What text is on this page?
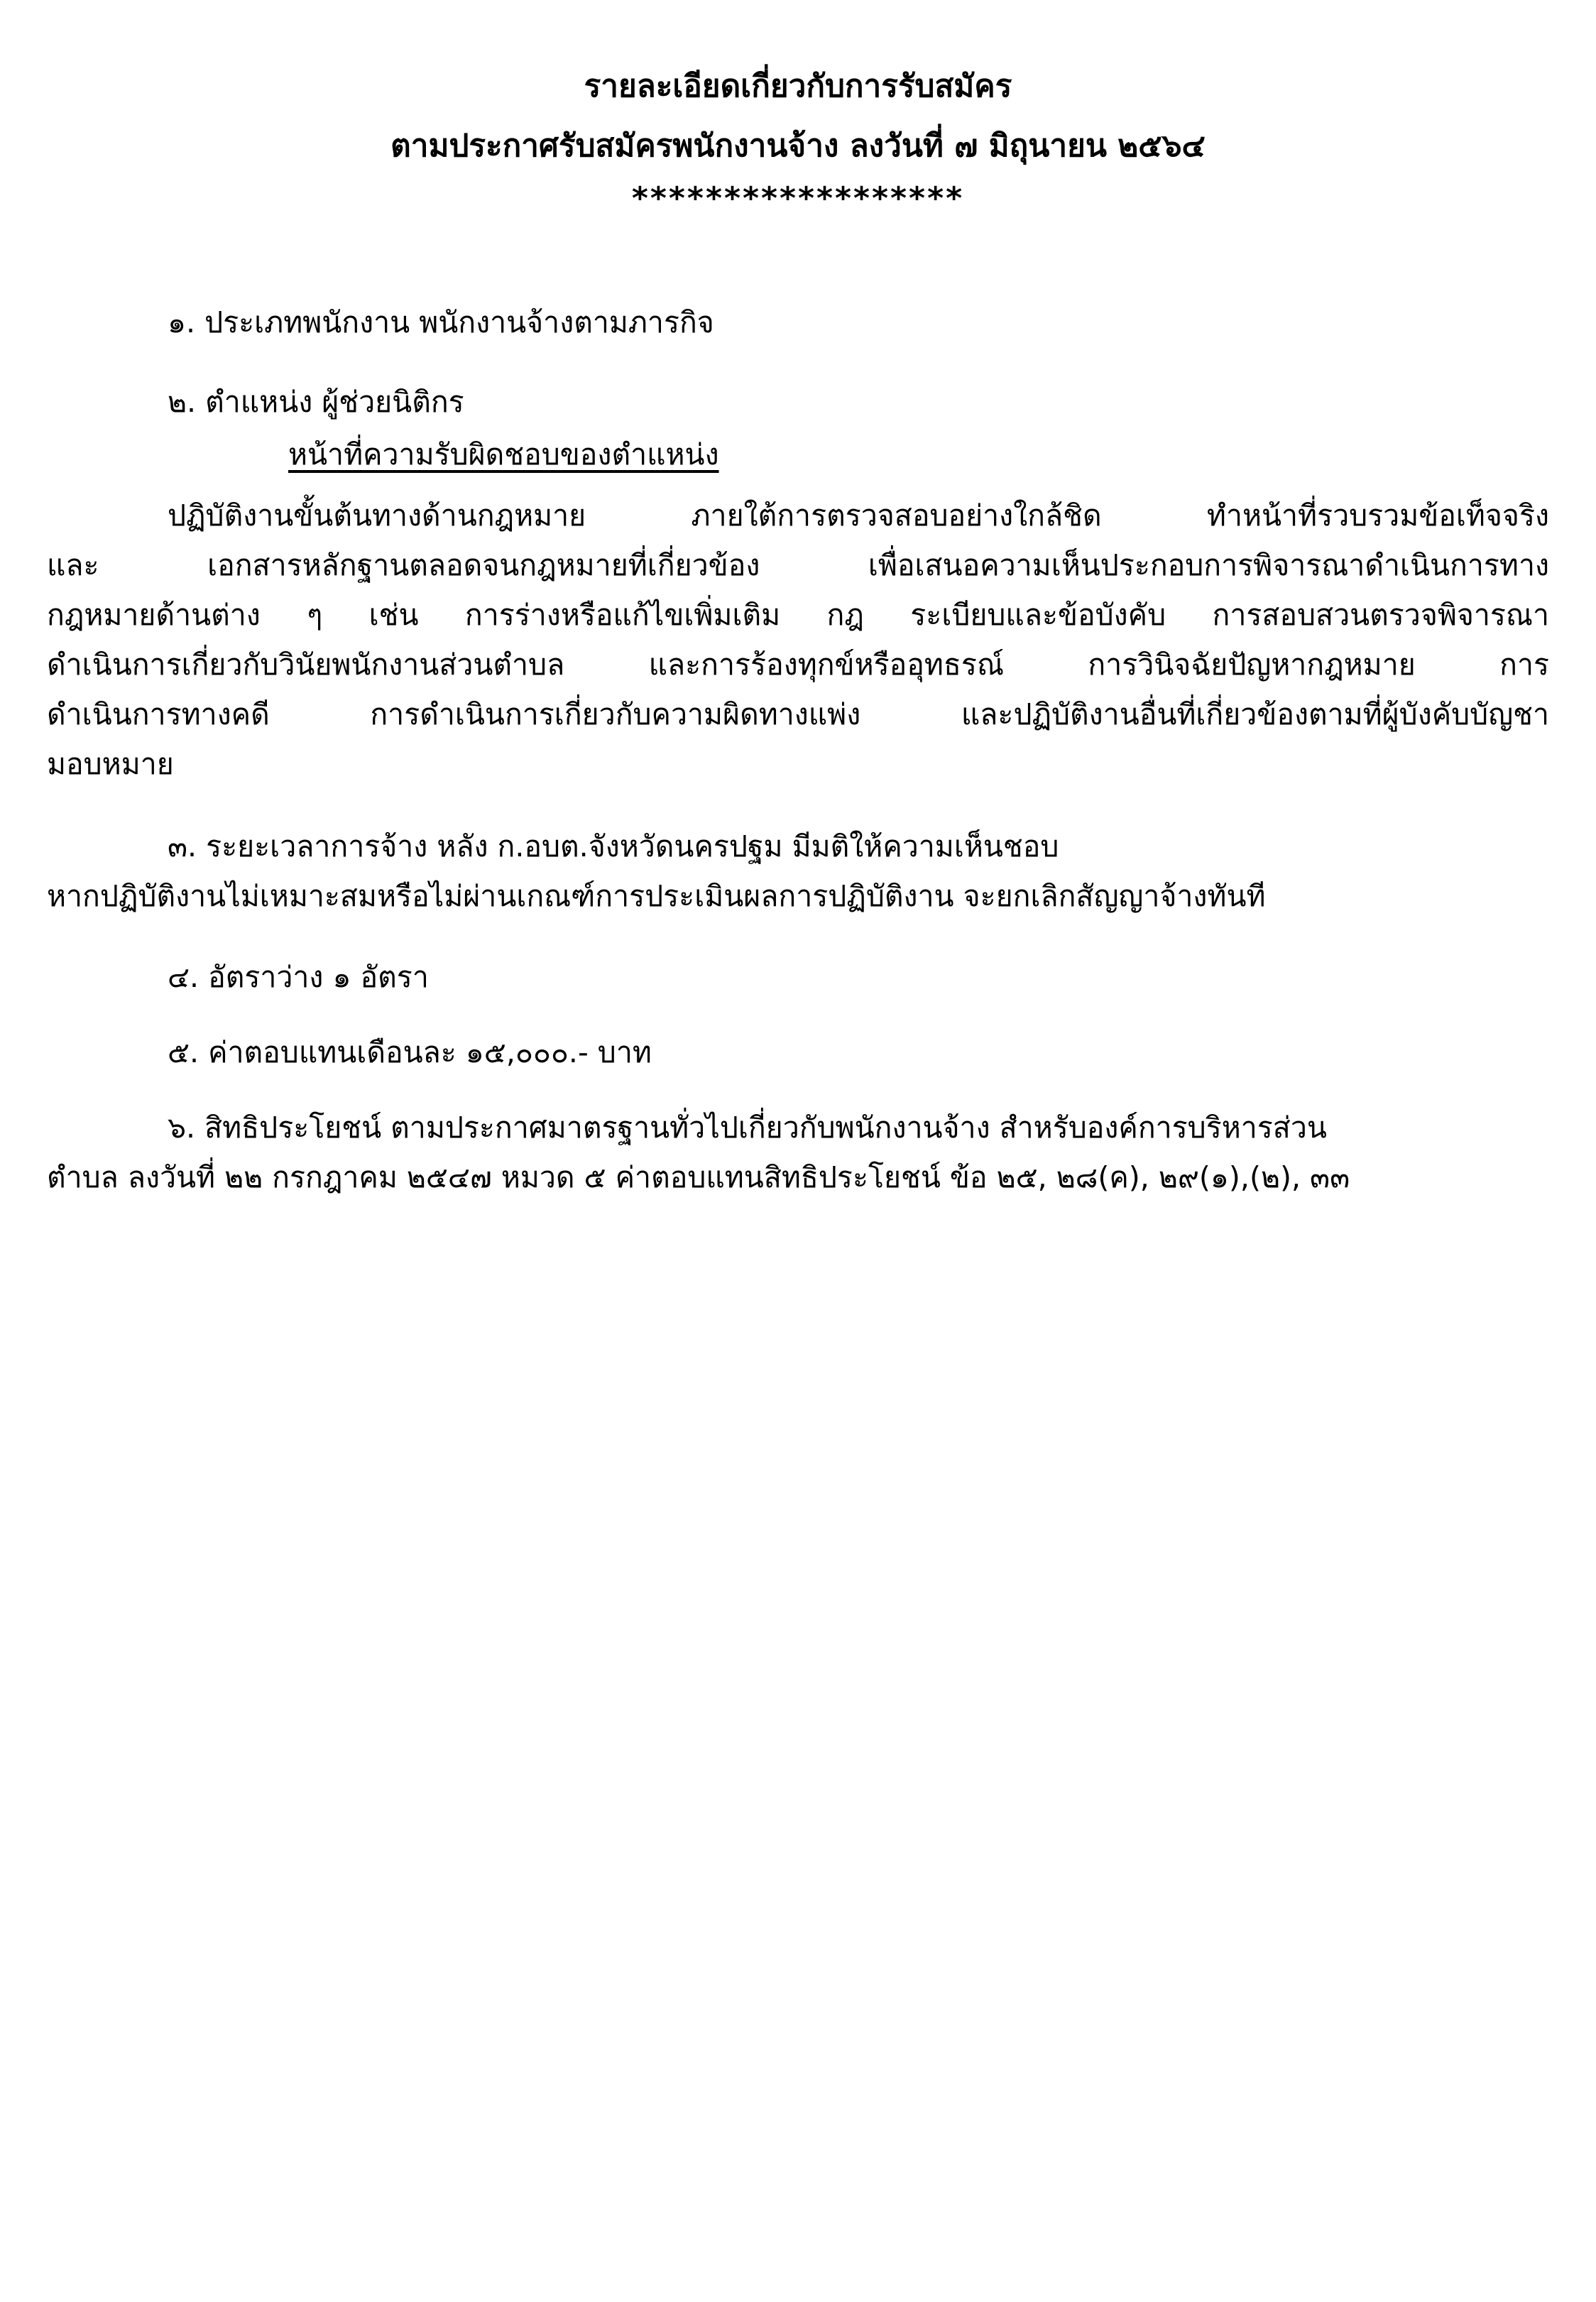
รายละเอียดเกี่ยวกับการรับสมัคร
ตามประกาศรับสมัครพนักงานจ้าง ลงวันที่ ๗ มิถุนายน ๒๕๖๔
******************
๑. ประเภทพนักงาน พนักงานจ้างตามภารกิจ
๒. ตำแหน่ง ผู้ช่วยนิติกร
หน้าที่ความรับผิดชอบของตำแหน่ง
ปฏิบัติงานขั้นต้นทางด้านกฎหมาย ภายใต้การตรวจสอบอย่างใกล้ชิด ทำหน้าที่รวบรวมข้อเท็จจริง
และ เอกสารหลักฐานตลอดจนกฎหมายที่เกี่ยวข้อง เพื่อเสนอความเห็นประกอบการพิจารณาดำเนินการทาง
กฎหมายด้านต่าง ๆ เช่น การร่างหรือแก้ไขเพิ่มเติม กฎ ระเบียบและข้อบังคับ การสอบสวนตรวจพิจารณา
ดำเนินการเกี่ยวกับวินัยพนักงานส่วนตำบล และการร้องทุกข์หรืออุทธรณ์ การวินิจฉัยปัญหากฎหมาย การ
ดำเนินการทางคดี การดำเนินการเกี่ยวกับความผิดทางแพ่ง และปฏิบัติงานอื่นที่เกี่ยวข้องตามที่ผู้บังคับบัญชา
มอบหมาย
๓. ระยะเวลาการจ้าง หลัง ก.อบต.จังหวัดนครปฐม มีมติให้ความเห็นชอบ
หากปฏิบัติงานไม่เหมาะสมหรือไม่ผ่านเกณฑ์การประเมินผลการปฏิบัติงาน จะยกเลิกสัญญาจ้างทันที
๔. อัตราว่าง ๑ อัตรา
๕. ค่าตอบแทนเดือนละ ๑๕,๐๐๐.- บาท
๖. สิทธิประโยชน์ ตามประกาศมาตรฐานทั่วไปเกี่ยวกับพนักงานจ้าง สำหรับองค์การบริหารส่วน
ตำบล ลงวันที่ ๒๒ กรกฎาคม ๒๕๔๗ หมวด ๕ ค่าตอบแทนสิทธิประโยชน์ ข้อ ๒๕, ๒๘(ค), ๒๙(๑),(๒), ๓๓
